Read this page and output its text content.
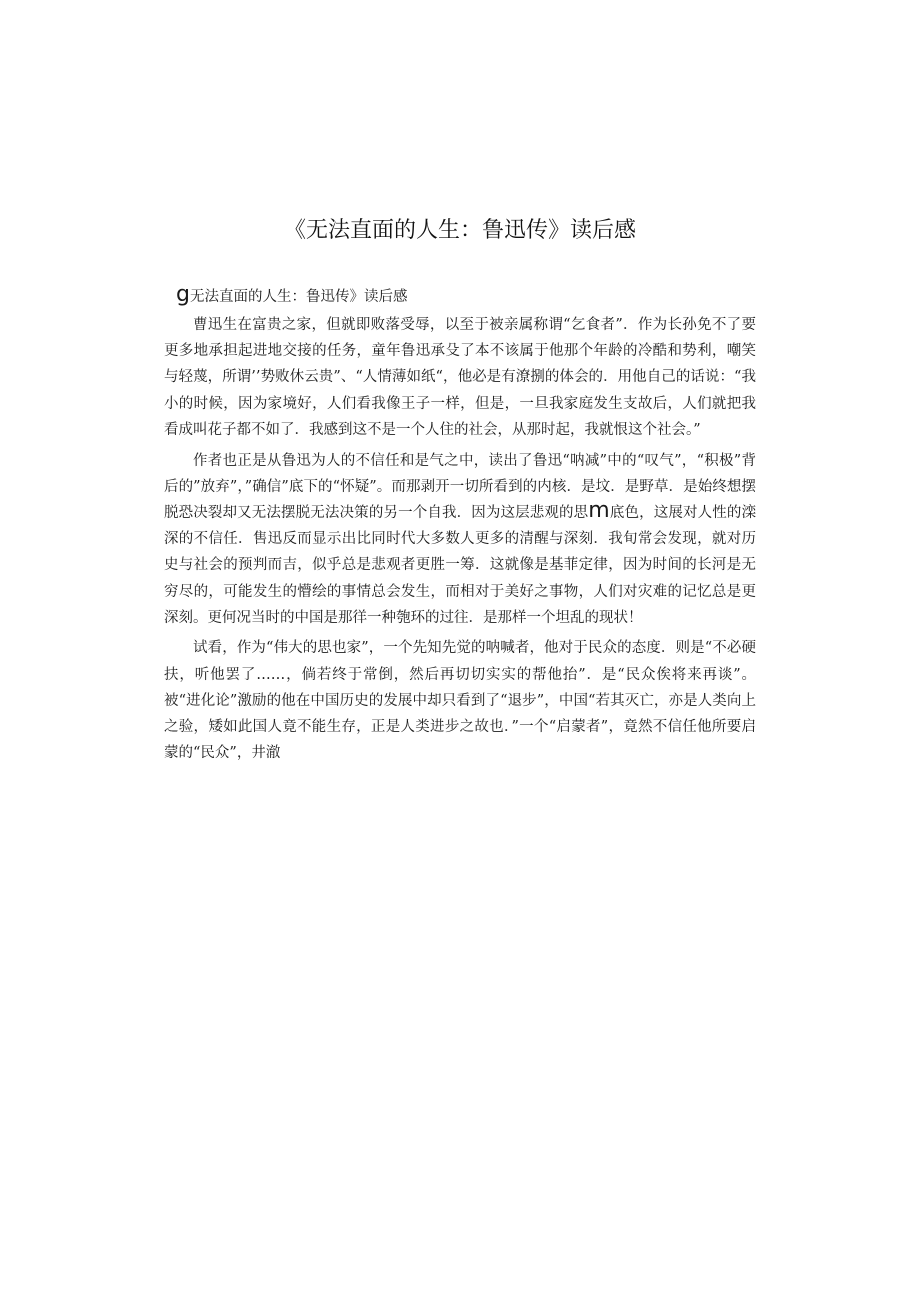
《无法直面的人生：鲁迅传》读后感

g无法直面的人生：鲁迅传》读后感

曹迅生在富贵之家，但就即败落受辱，以至于被亲属称谓“乞食者”．作为长孙免不了要更多地承担起进地交接的任务，童年鲁迅承殳了本不该属于他那个年龄的冷酷和势利，嘲笑与轻蔑，所谓’’势败休云贵”、“人情薄如纸“，他必是有潦捌的体会的．用他自己的话说：“我小的时候，因为家境好，人们看我像王子一样，但是，一旦我家庭发生支故后，人们就把我看成叫花子都不如了．我感到这不是一个人住的社会，从那时起，我就恨这个社会。”

作者也正是从鲁迅为人的不信任和是气之中，读出了鲁迅“呐减”中的“叹气”，“积极”背后的”放弃”，”确信”底下的“怀疑”。而那剥开一切所看到的内核．是坟．是野草．是始终想摆脱恐决裂却又无法摆脱无法决策的另一个自我．因为这层悲观的思m底色，这展对人性的滦深的不信任．售迅反而显示出比同时代大多数人更多的清醒与深刻．我旬常会发现，就对历史与社会的预判而吉，似乎总是悲观者更胜一筹．这就像是基菲定律，因为时间的长河是无穷尽的，可能发生的懵绘的事情总会发生，而相对于美好之事物，人们对灾难的记忆总是更深刻。更何况当时的中国是那徉一种匏环的过往．是那样一个坦乱的现状！

试看，作为“伟大的思也家”，一个先知先觉的呐喊者，他对于民众的态度．则是“不必硬扶，听他罢了……，倘若终于常倒，然后再切切实实的帮他抬”．是“民众俟将来再谈”。被“进化论”激励的他在中国历史的发展中却只看到了“退步”，中国“若其灭亡，亦是人类向上之验，矮如此国人竟不能生存，正是人类进步之故也．”一个“启蒙者”，竟然不信任他所要启蒙的“民众”，井澈
